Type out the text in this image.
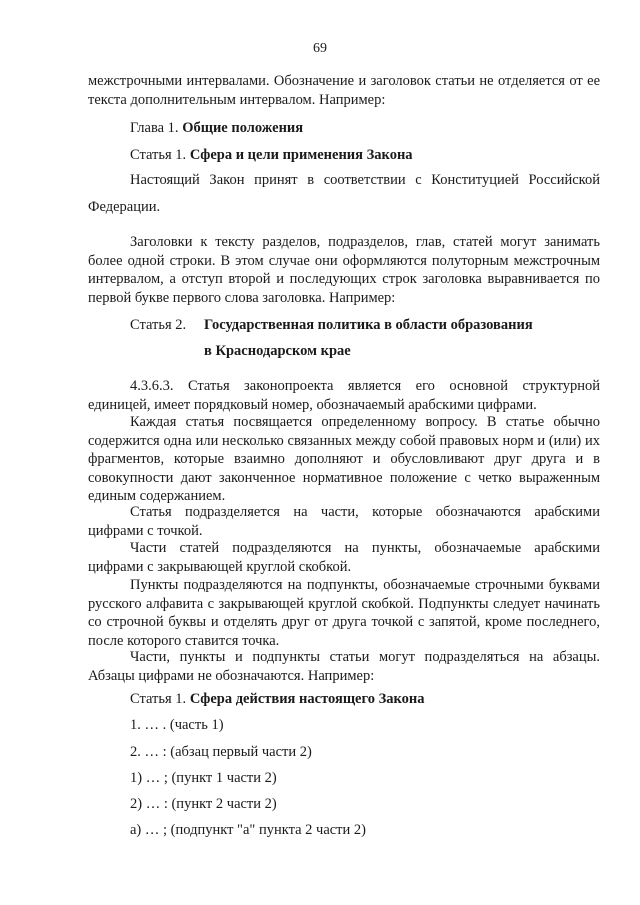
69

межстрочными интервалами. Обозначение и заголовок статьи не отделяется от ее текста дополнительным интервалом. Например:

Глава 1. Общие положения

Статья 1. Сфера и цели применения Закона

Настоящий Закон принят в соответствии с Конституцией Российской

Федерации.

Заголовки к тексту разделов, подразделов, глав, статей могут занимать более одной строки. В этом случае они оформляются полуторным межстрочным интервалом, а отступ второй и последующих строк заголовка выравнивается по первой букве первого слова заголовка. Например:

Статья 2. Государственная политика в области образования

в Краснодарском крае

4.3.6.3. Статья законопроекта является его основной структурной единицей, имеет порядковый номер, обозначаемый арабскими цифрами.

Каждая статья посвящается определенному вопросу. В статье обычно содержится одна или несколько связанных между собой правовых норм и (или) их фрагментов, которые взаимно дополняют и обусловливают друг друга и в совокупности дают законченное нормативное положение с четко выраженным единым содержанием.

Статья подразделяется на части, которые обозначаются арабскими цифрами с точкой.

Части статей подразделяются на пункты, обозначаемые арабскими цифрами с закрывающей круглой скобкой.

Пункты подразделяются на подпункты, обозначаемые строчными буквами русского алфавита с закрывающей круглой скобкой. Подпункты следует начинать со строчной буквы и отделять друг от друга точкой с запятой, кроме последнего, после которого ставится точка.

Части, пункты и подпункты статьи могут подразделяться на абзацы. Абзацы цифрами не обозначаются. Например:

Статья 1. Сфера действия настоящего Закона

1. … . (часть 1)

2. … : (абзац первый части 2)

1) … ; (пункт 1 части 2)

2) … : (пункт 2 части 2)

а) … ; (подпункт "а" пункта 2 части 2)
